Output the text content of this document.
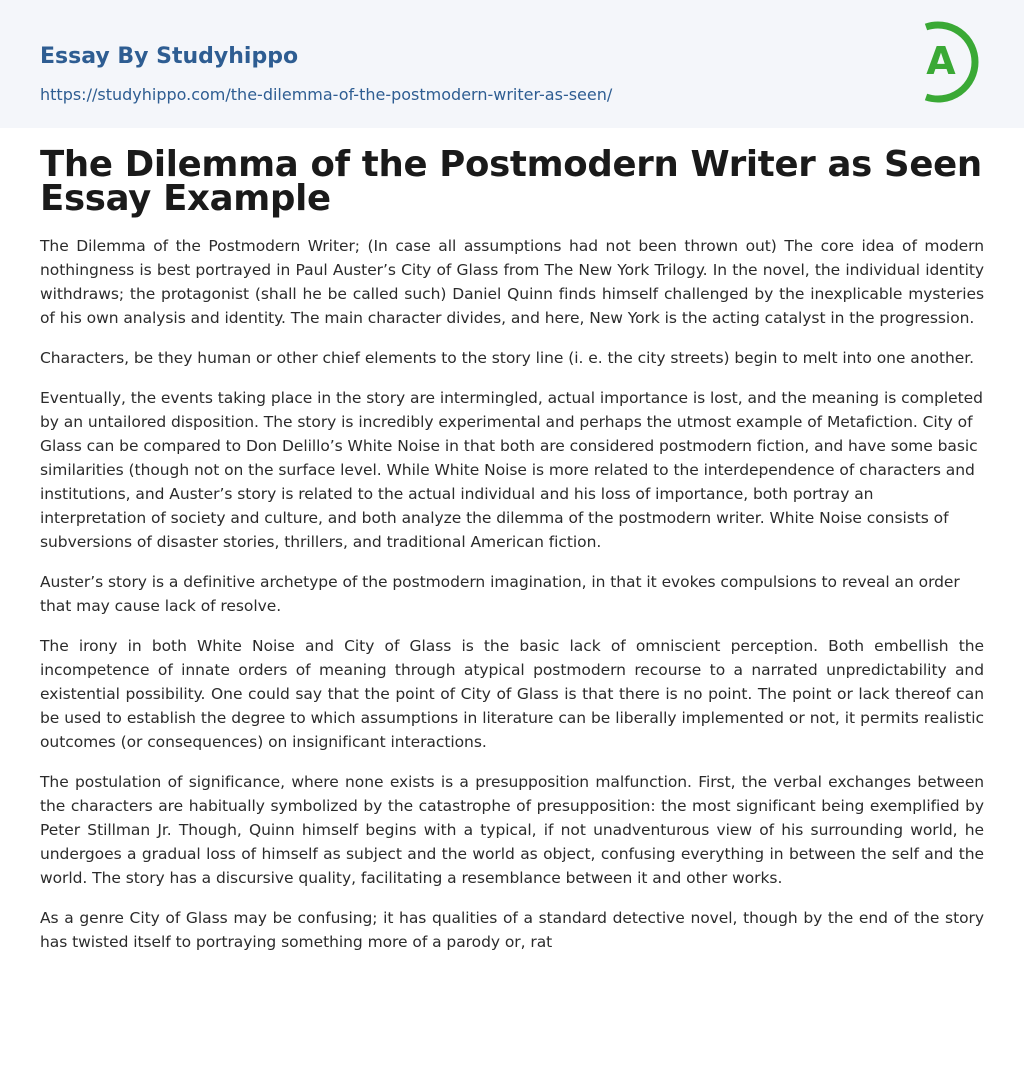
Essay By Studyhippo
https://studyhippo.com/the-dilemma-of-the-postmodern-writer-as-seen/
A
The Dilemma of the Postmodern Writer as Seen Essay Example

The Dilemma of the Postmodern Writer; (In case all assumptions had not been thrown out) The core idea of modern nothingness is best portrayed in Paul Auster’s City of Glass from The New York Trilogy. In the novel, the individual identity withdraws; the protagonist (shall he be called such) Daniel Quinn finds himself challenged by the inexplicable mysteries of his own analysis and identity. The main character divides, and here, New York is the acting catalyst in the progression.

Characters, be they human or other chief elements to the story line (i. e. the city streets) begin to melt into one another.

Eventually, the events taking place in the story are intermingled, actual importance is lost, and the meaning is completed by an untailored disposition. The story is incredibly experimental and perhaps the utmost example of Metafiction. City of Glass can be compared to Don Delillo’s White Noise in that both are considered postmodern fiction, and have some basic similarities (though not on the surface level. While White Noise is more related to the interdependence of characters and institutions, and Auster’s story is related to the actual individual and his loss of importance, both portray an interpretation of society and culture, and both analyze the dilemma of the postmodern writer. White Noise consists of subversions of disaster stories, thrillers, and traditional American fiction.

Auster’s story is a definitive archetype of the postmodern imagination, in that it evokes compulsions to reveal an order that may cause lack of resolve.

The irony in both White Noise and City of Glass is the basic lack of omniscient perception. Both embellish the incompetence of innate orders of meaning through atypical postmodern recourse to a narrated unpredictability and existential possibility. One could say that the point of City of Glass is that there is no point. The point or lack thereof can be used to establish the degree to which assumptions in literature can be liberally implemented or not, it permits realistic outcomes (or consequences) on insignificant interactions.

The postulation of significance, where none exists is a presupposition malfunction. First, the verbal exchanges between the characters are habitually symbolized by the catastrophe of presupposition: the most significant being exemplified by Peter Stillman Jr. Though, Quinn himself begins with a typical, if not unadventurous view of his surrounding world, he undergoes a gradual loss of himself as subject and the world as object, confusing everything in between the self and the world. The story has a discursive quality, facilitating a resemblance between it and other works.

As a genre City of Glass may be confusing; it has qualities of a standard detective novel, though by the end of the story has twisted itself to portraying something more of a parody or, rat
